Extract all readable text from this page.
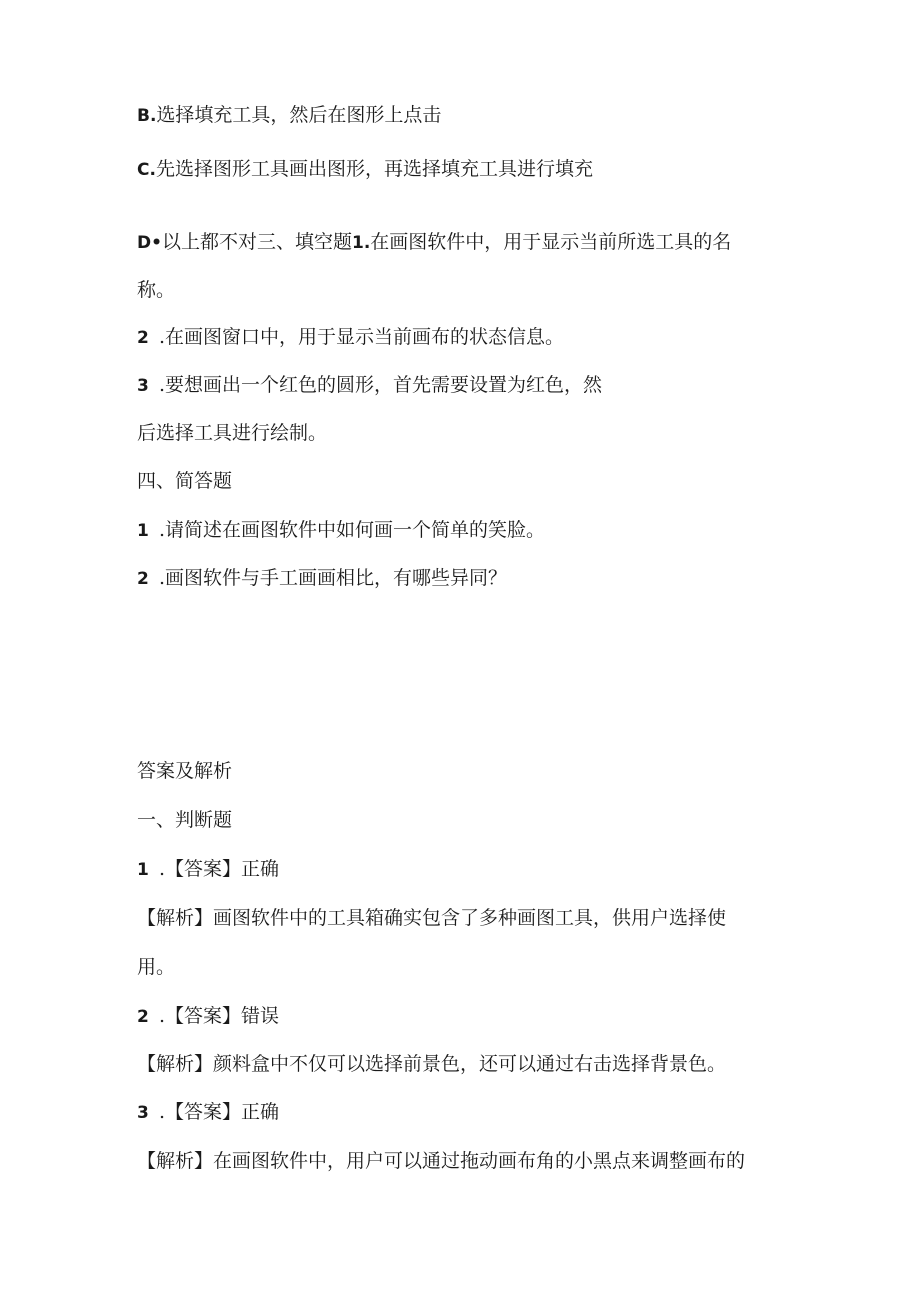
B.选择填充工具，然后在图形上点击
C.先选择图形工具画出图形，再选择填充工具进行填充
D•以上都不对三、填空题1.在画图软件中，用于显示当前所选工具的名
称。
2 .在画图窗口中，用于显示当前画布的状态信息。
3 .要想画出一个红色的圆形，首先需要设置为红色，然
后选择工具进行绘制。
四、简答题
1 .请简述在画图软件中如何画一个简单的笑脸。
2 .画图软件与手工画画相比，有哪些异同？
答案及解析
一、判断题
1 .【答案】正确
【解析】画图软件中的工具箱确实包含了多种画图工具，供用户选择使
用。
2 .【答案】错误
【解析】颜料盒中不仅可以选择前景色，还可以通过右击选择背景色。
3 .【答案】正确
【解析】在画图软件中，用户可以通过拖动画布角的小黑点来调整画布的
